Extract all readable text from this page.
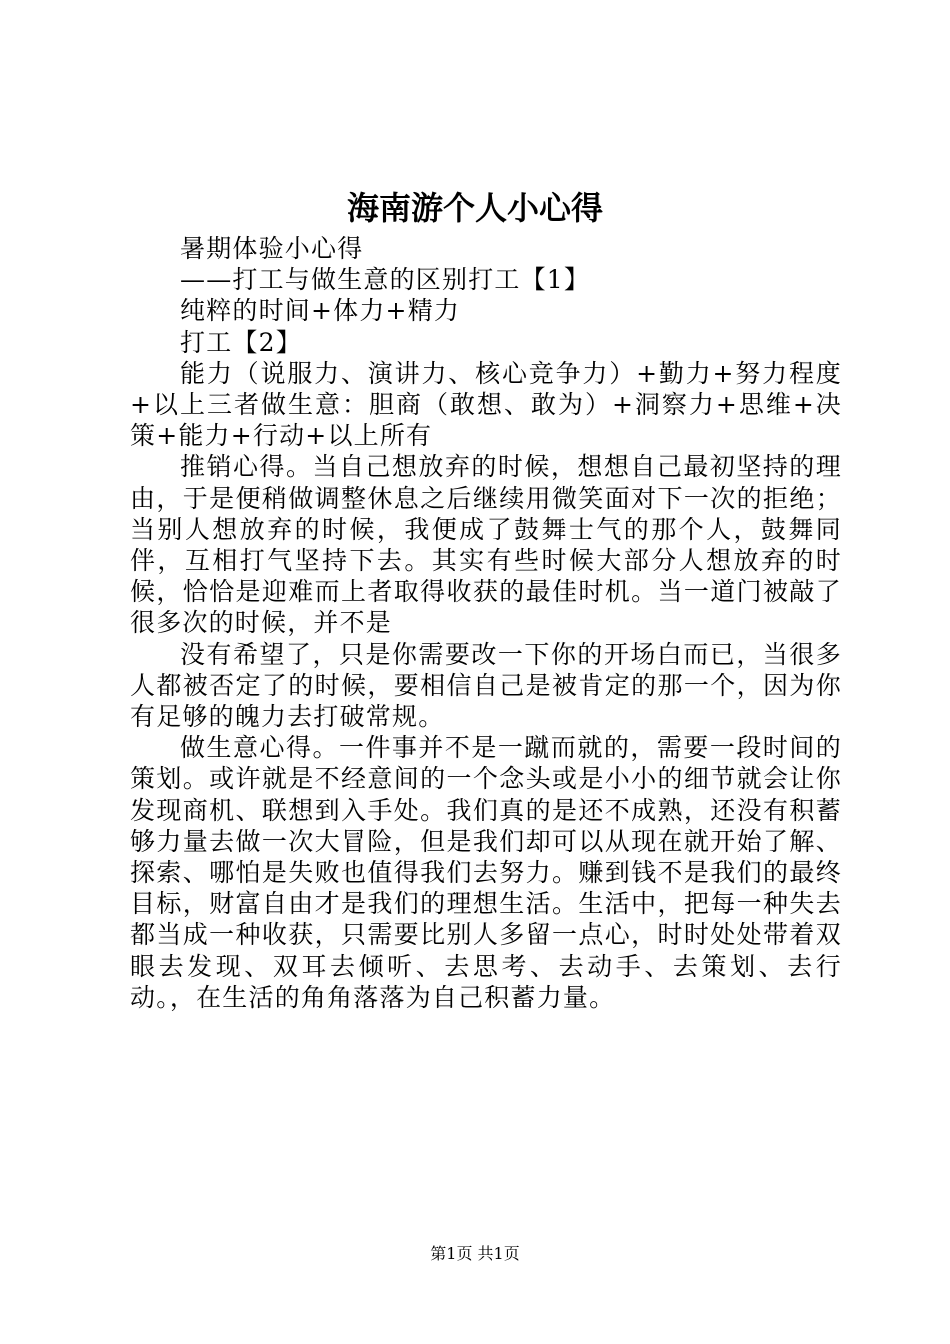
海南游个人小心得

暑期体验小心得

——打工与做生意的区别打工【1】

纯粹的时间+体力+精力

打工【2】

能力（说服力、演讲力、核心竞争力）+勤力+努力程度+以上三者做生意：胆商（敢想、敢为）+洞察力+思维+决策+能力+行动+以上所有

推销心得。当自己想放弃的时候，想想自己最初坚持的理由，于是便稍做调整休息之后继续用微笑面对下一次的拒绝；当别人想放弃的时候，我便成了鼓舞士气的那个人，鼓舞同伴，互相打气坚持下去。其实有些时候大部分人想放弃的时候，恰恰是迎难而上者取得收获的最佳时机。当一道门被敲了很多次的时候，并不是

没有希望了，只是你需要改一下你的开场白而已，当很多人都被否定了的时候，要相信自己是被肯定的那一个，因为你有足够的魄力去打破常规。

做生意心得。一件事并不是一蹴而就的，需要一段时间的策划。或许就是不经意间的一个念头或是小小的细节就会让你发现商机、联想到入手处。我们真的是还不成熟，还没有积蓄够力量去做一次大冒险，但是我们却可以从现在就开始了解、探索、哪怕是失败也值得我们去努力。赚到钱不是我们的最终目标，财富自由才是我们的理想生活。生活中，把每一种失去都当成一种收获，只需要比别人多留一点心，时时处处带着双眼去发现、双耳去倾听、去思考、去动手、去策划、去行动。，在生活的角角落落为自己积蓄力量。

第1页 共1页
